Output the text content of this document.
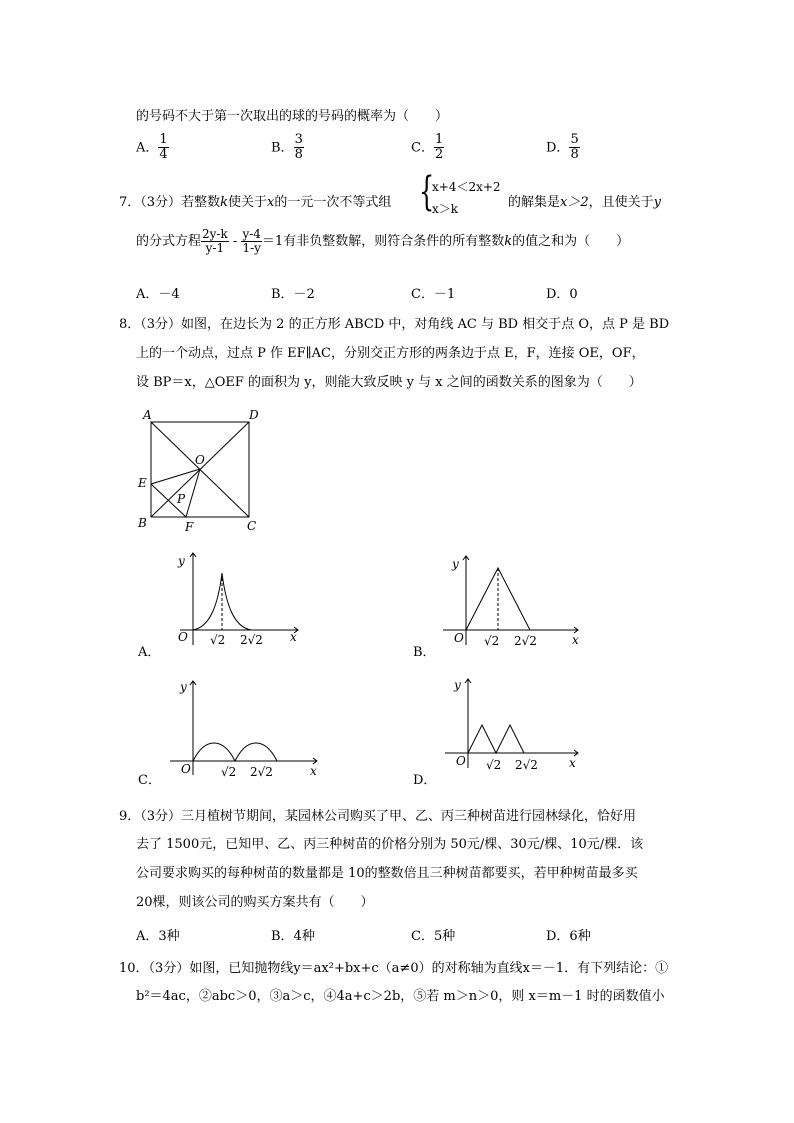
的号码不大于第一次取出的球的号码的概率为（　　）
A． $\frac{1}{4}$	B． $\frac{3}{8}$	C． $\frac{1}{2}$	D． $\frac{5}{8}$
7．（3分）若整数k使关于x的一元一次不等式组 {
x+4＜2x+2
x＞k	的解集是x＞2，且使关于y
的分式方程 $\frac{2y-k}{y-1} - \frac{y-4}{1-y} =1$有非负整数解，则符合条件的所有整数k的值之和为（　　）
A．－4	B．－2	C．－1	D．0
8．（3分）如图，在边长为 2 的正方形 ABCD 中，对角线 AC 与 BD 相交于点 O，点 P 是 BD
上的一个动点，过点 P 作 EF∥AC，分别交正方形的两条边于点 E，F，连接 OE，OF，
设 BP＝x，△OEF 的面积为 y，则能大致反映 y 与 x 之间的函数关系的图象为（　　）
A	D
O
E
P
B	F	C
y
O	x
√2 2√2
A．
y
O	x
√2 2√2
B．
y
O	x
√2 2√2
C．
y
O	x
√2 2√2
D．
9．（3分）三月植树节期间，某园林公司购买了甲、乙、丙三种树苗进行园林绿化，恰好用
去了 1500元，已知甲、乙、丙三种树苗的价格分别为 50元/棵、30元/棵、10元/棵．该
公司要求购买的每种树苗的数量都是 10的整数倍且三种树苗都要买，若甲种树苗最多买
20棵，则该公司的购买方案共有（　　）
A．3种	B．4种	C．5种	D．6种
10．（3分）如图，已知抛物线y＝ax²+bx+c（a≠0）的对称轴为直线x＝－1．有下列结论：①
b²＝4ac，②abc＞0，③a＞c，④4a+c＞2b，⑤若 m＞n＞0，则 x＝m－1 时的函数值小
